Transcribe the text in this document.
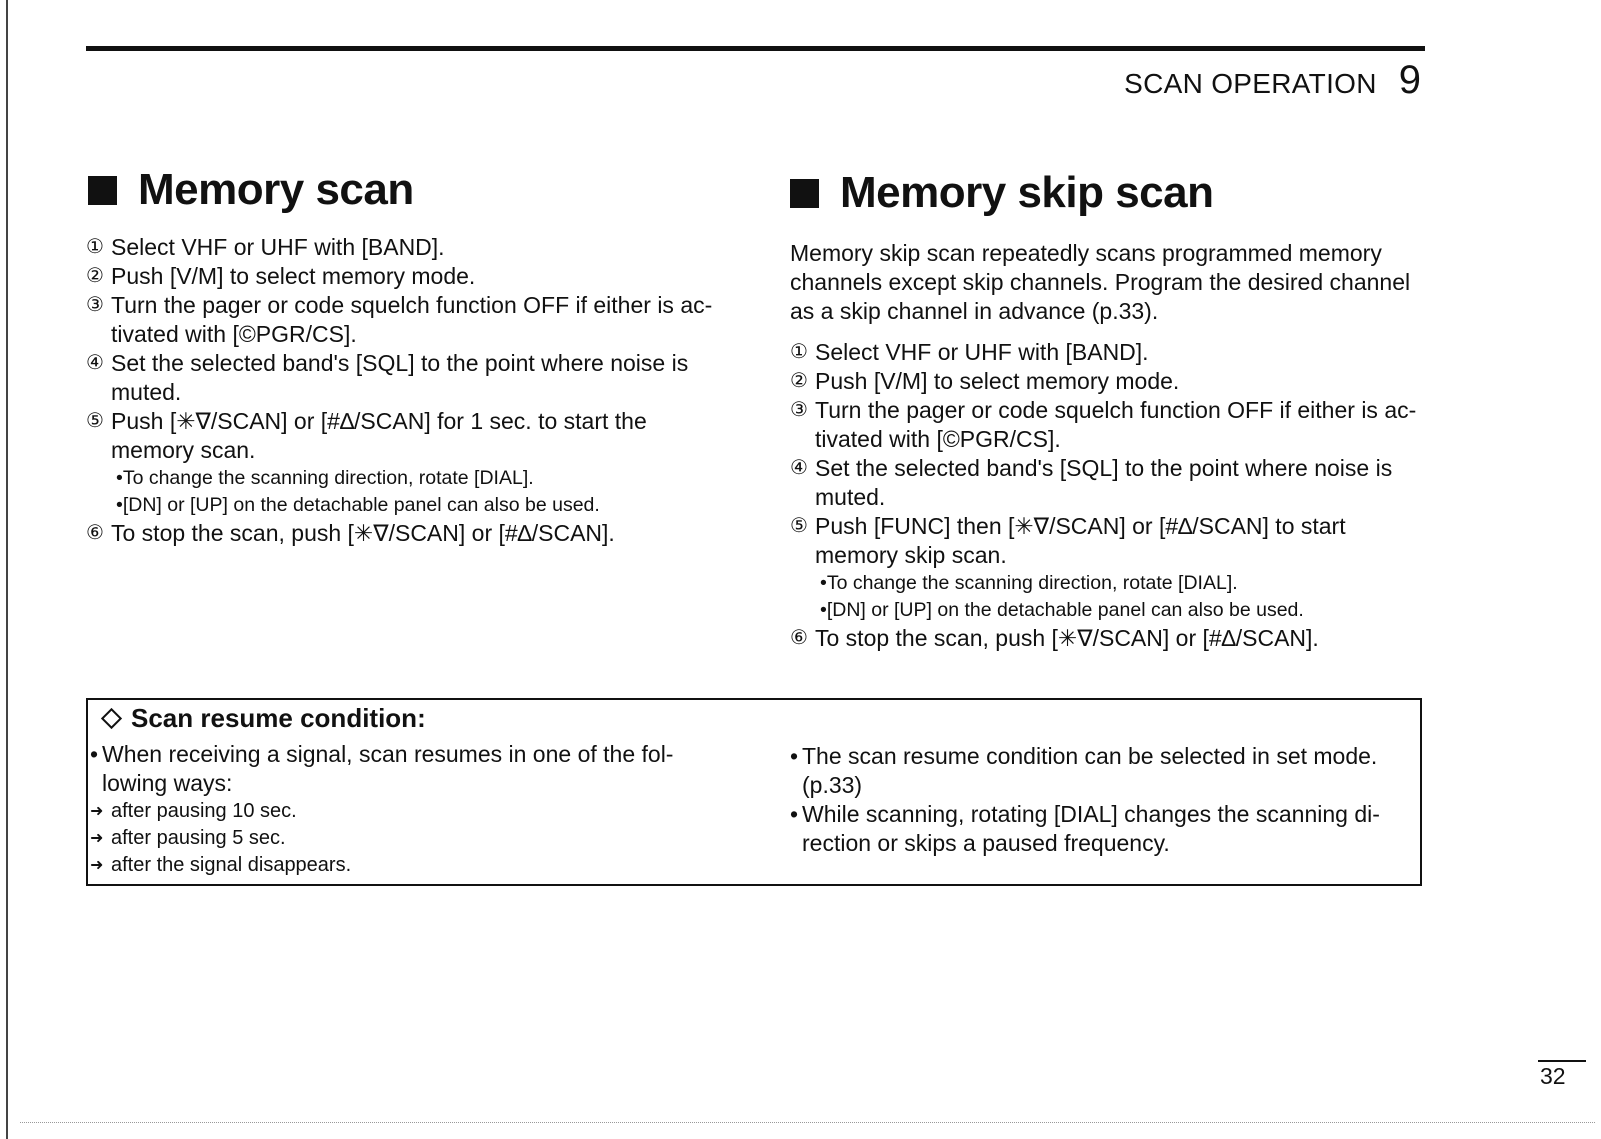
SCAN OPERATION 9
Memory scan
① Select VHF or UHF with [BAND].
② Push [V/M] to select memory mode.
③ Turn the pager or code squelch function OFF if either is ac-tivated with [©PGR/CS].
④ Set the selected band's [SQL] to the point where noise is muted.
⑤ Push [✳∇/SCAN] or [#∆/SCAN] for 1 sec. to start the memory scan.
• To change the scanning direction, rotate [DIAL].
• [DN] or [UP] on the detachable panel can also be used.
⑥ To stop the scan, push [✳∇/SCAN] or [#∆/SCAN].
Memory skip scan
Memory skip scan repeatedly scans programmed memory channels except skip channels. Program the desired channel as a skip channel in advance (p.33).
① Select VHF or UHF with [BAND].
② Push [V/M] to select memory mode.
③ Turn the pager or code squelch function OFF if either is ac-tivated with [©PGR/CS].
④ Set the selected band's [SQL] to the point where noise is muted.
⑤ Push [FUNC] then [✳∇/SCAN] or [#∆/SCAN] to start memory skip scan.
• To change the scanning direction, rotate [DIAL].
• [DN] or [UP] on the detachable panel can also be used.
⑥ To stop the scan, push [✳∇/SCAN] or [#∆/SCAN].
Scan resume condition:
• When receiving a signal, scan resumes in one of the fol-lowing ways:
➜ after pausing 10 sec.
➜ after pausing 5 sec.
➜ after the signal disappears.
• The scan resume condition can be selected in set mode. (p.33)
• While scanning, rotating [DIAL] changes the scanning di-rection or skips a paused frequency.
32
